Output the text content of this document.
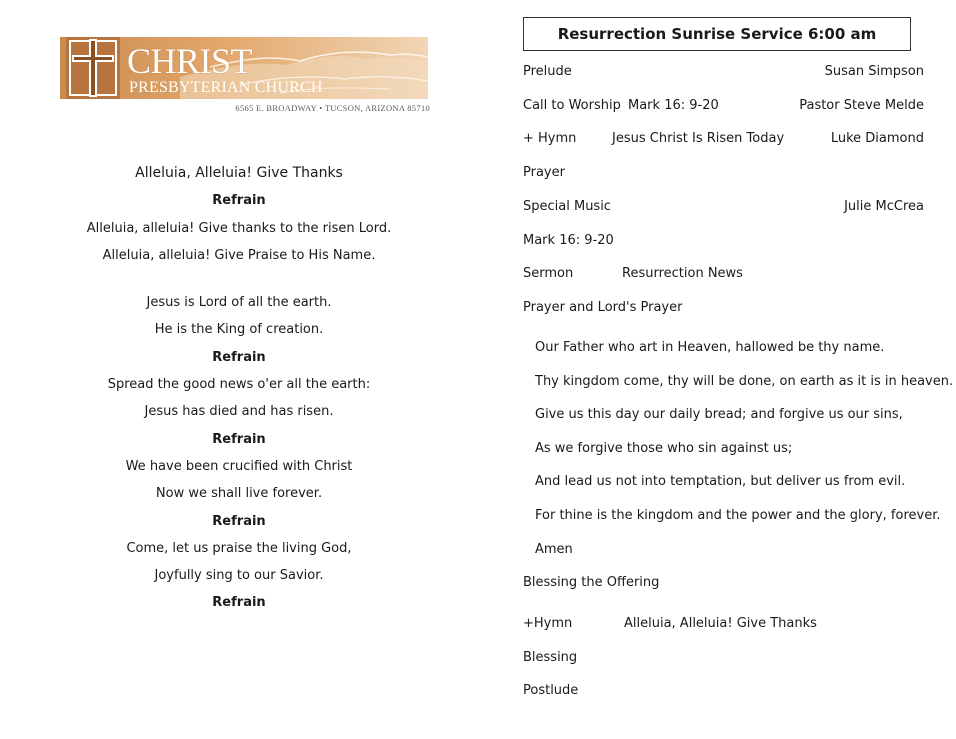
CHRIST
PRESBYTERIAN CHURCH
6565 E. BROADWAY • TUCSON, ARIZONA 85710
Alleluia, Alleluia! Give Thanks
Refrain
Alleluia, alleluia! Give thanks to the risen Lord.
Alleluia, alleluia! Give Praise to His Name.
Jesus is Lord of all the earth.
He is the King of creation.
Refrain
Spread the good news o'er all the earth:
Jesus has died and has risen.
Refrain
We have been crucified with Christ
Now we shall live forever.
Refrain
Come, let us praise the living God,
Joyfully sing to our Savior.
Refrain
Resurrection Sunrise Service 6:00 am
Prelude	Susan Simpson
Call to Worship Mark 16: 9-20	Pastor Steve Melde
+ Hymn	Jesus Christ Is Risen Today	Luke Diamond
Prayer
Special Music	Julie McCrea
Mark 16: 9-20
Sermon	Resurrection News
Prayer and Lord's Prayer
Our Father who art in Heaven, hallowed be thy name.
Thy kingdom come, thy will be done, on earth as it is in heaven.
Give us this day our daily bread; and forgive us our sins,
As we forgive those who sin against us;
And lead us not into temptation, but deliver us from evil.
For thine is the kingdom and the power and the glory, forever.
Amen
Blessing the Offering
+Hymn	Alleluia, Alleluia! Give Thanks
Blessing
Postlude
